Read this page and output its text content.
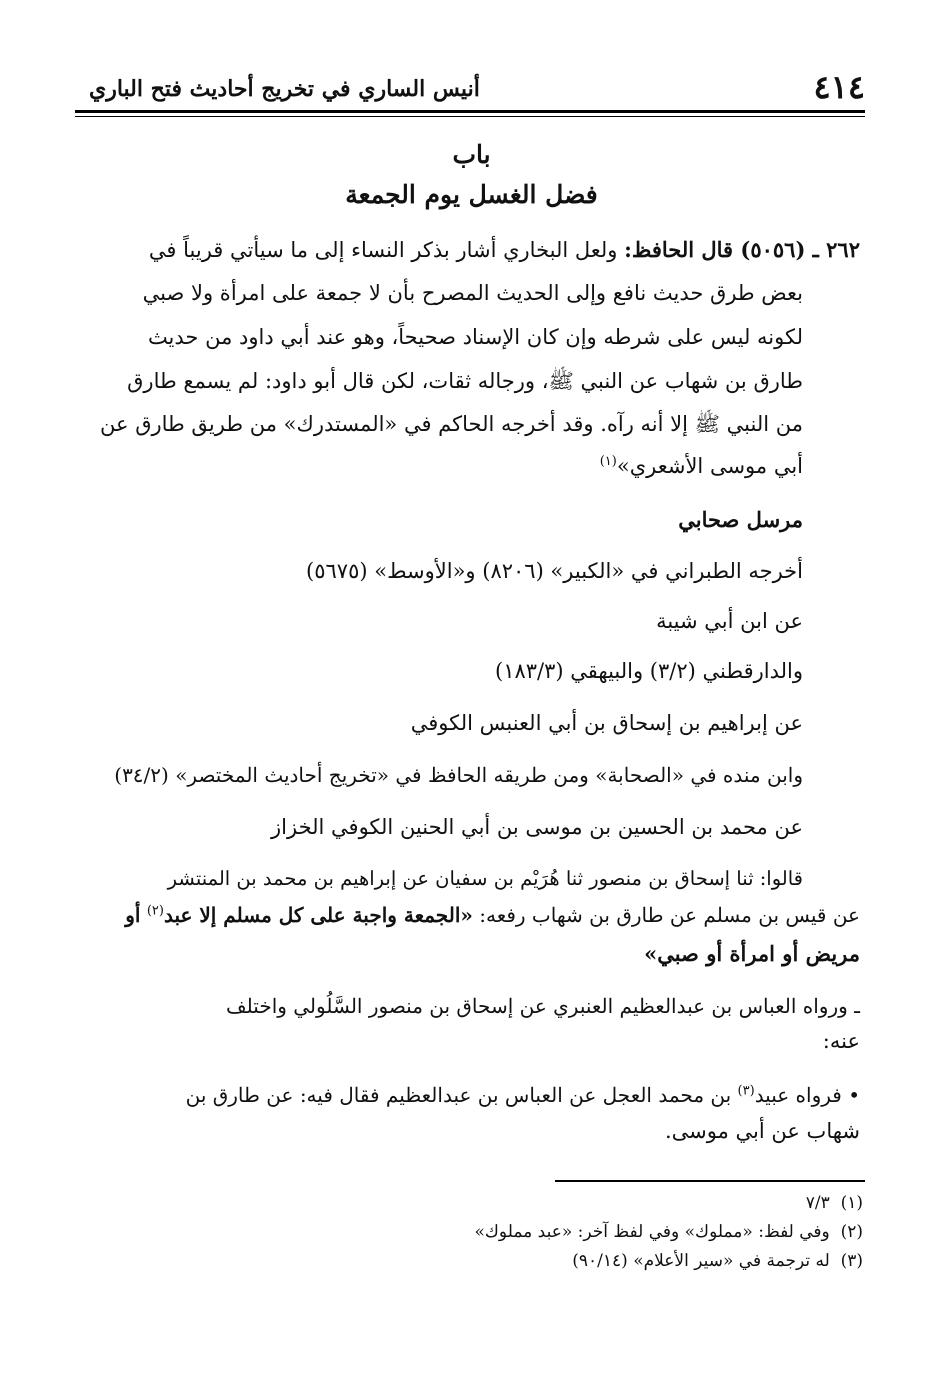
٤١٤
أنيس الساري في تخريج أحاديث فتح الباري
باب
فضل الغسل يوم الجمعة
٢٦٢ ـ (٥٠٥٦) قال الحافظ: ولعل البخاري أشار بذكر النساء إلى ما سيأتي قريباً في
بعض طرق حديث نافع وإلى الحديث المصرح بأن لا جمعة على امرأة ولا صبي
لكونه ليس على شرطه وإن كان الإسناد صحيحاً، وهو عند أبي داود من حديث
طارق بن شهاب عن النبي ﷺ، ورجاله ثقات، لكن قال أبو داود: لم يسمع طارق
من النبي ﷺ إلا أنه رآه. وقد أخرجه الحاكم في «المستدرك» من طريق طارق عن
أبي موسى الأشعري»$^{(١)}$
مرسل صحابي
أخرجه الطبراني في «الكبير» (٨٢٠٦) و«الأوسط» (٥٦٧٥)
عن ابن أبي شيبة
والدارقطني (٣/٢) والبيهقي (١٨٣/٣)
عن إبراهيم بن إسحاق بن أبي العنبس الكوفي
وابن منده في «الصحابة» ومن طريقه الحافظ في «تخريج أحاديث المختصر» (٣٤/٢)
عن محمد بن الحسين بن موسى بن أبي الحنين الكوفي الخزاز
قالوا: ثنا إسحاق بن منصور ثنا هُرَيْم بن سفيان عن إبراهيم بن محمد بن المنتشر
عن قيس بن مسلم عن طارق بن شهاب رفعه: «الجمعة واجبة على كل مسلم إلا عبد$^{(٢)}$ أو
مريض أو امرأة أو صبي»
ـ ورواه العباس بن عبدالعظيم العنبري عن إسحاق بن منصور السَّلُولي واختلف
عنه:
• فرواه عبيد$^{(٣)}$ بن محمد العجل عن العباس بن عبدالعظيم فقال فيه: عن طارق بن
شهاب عن أبي موسى.
(١)  ٧/٣
(٢)  وفي لفظ: «مملوك» وفي لفظ آخر: «عبد مملوك»
(٣)  له ترجمة في «سير الأعلام» (٩٠/١٤)
